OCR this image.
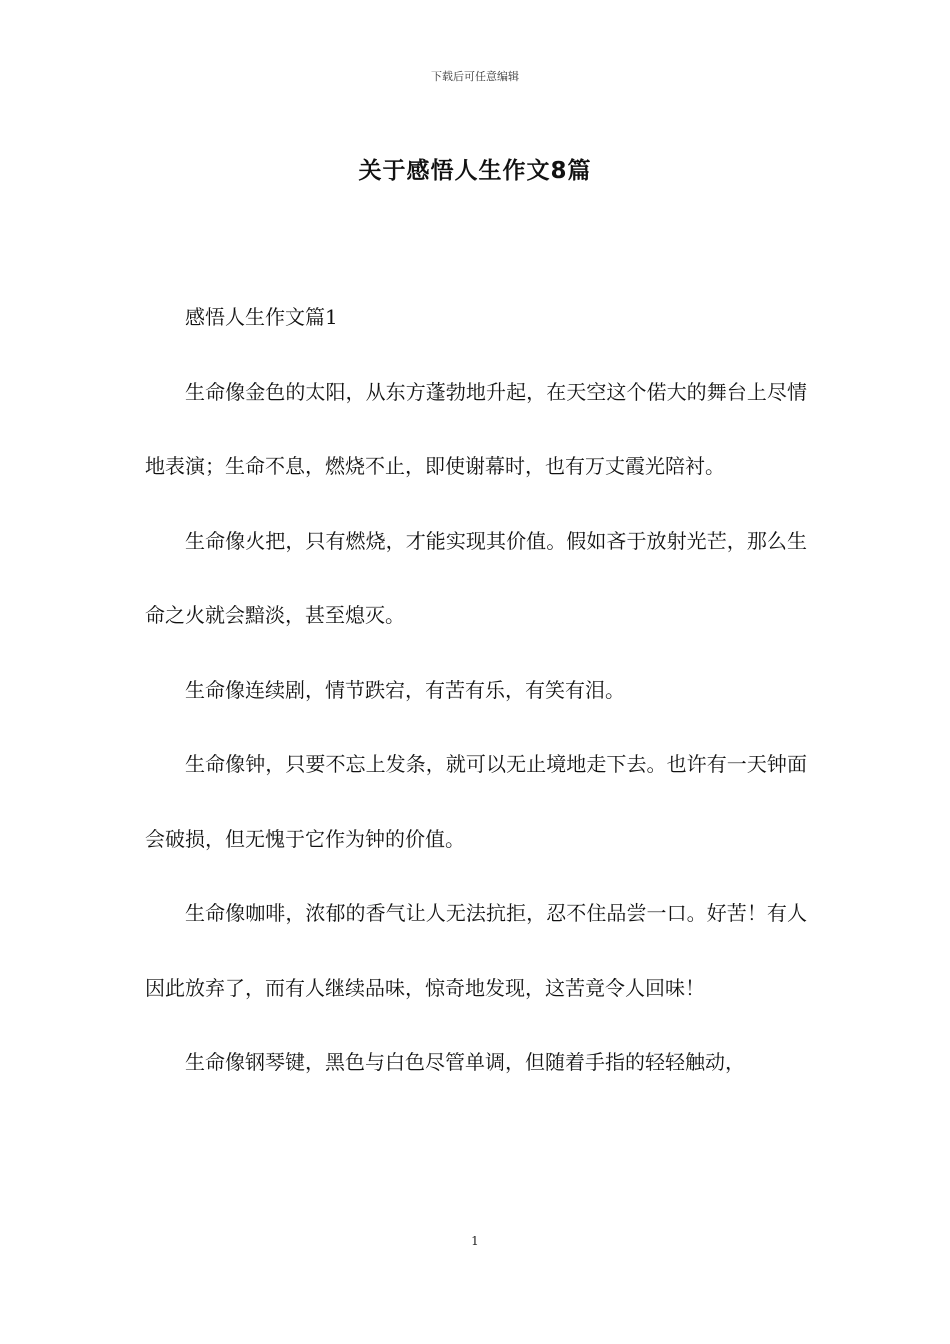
下载后可任意编辑
关于感悟人生作文8篇

感悟人生作文篇1

生命像金色的太阳，从东方蓬勃地升起，在天空这个偌大的舞台上尽情地表演；生命不息，燃烧不止，即使谢幕时，也有万丈霞光陪衬。

生命像火把，只有燃烧，才能实现其价值。假如吝于放射光芒，那么生命之火就会黯淡，甚至熄灭。

生命像连续剧，情节跌宕，有苦有乐，有笑有泪。

生命像钟，只要不忘上发条，就可以无止境地走下去。也许有一天钟面会破损，但无愧于它作为钟的价值。

生命像咖啡，浓郁的香气让人无法抗拒，忍不住品尝一口。好苦！有人因此放弃了，而有人继续品味，惊奇地发现，这苦竟令人回味！

生命像钢琴键，黑色与白色尽管单调，但随着手指的轻轻触动，

1
